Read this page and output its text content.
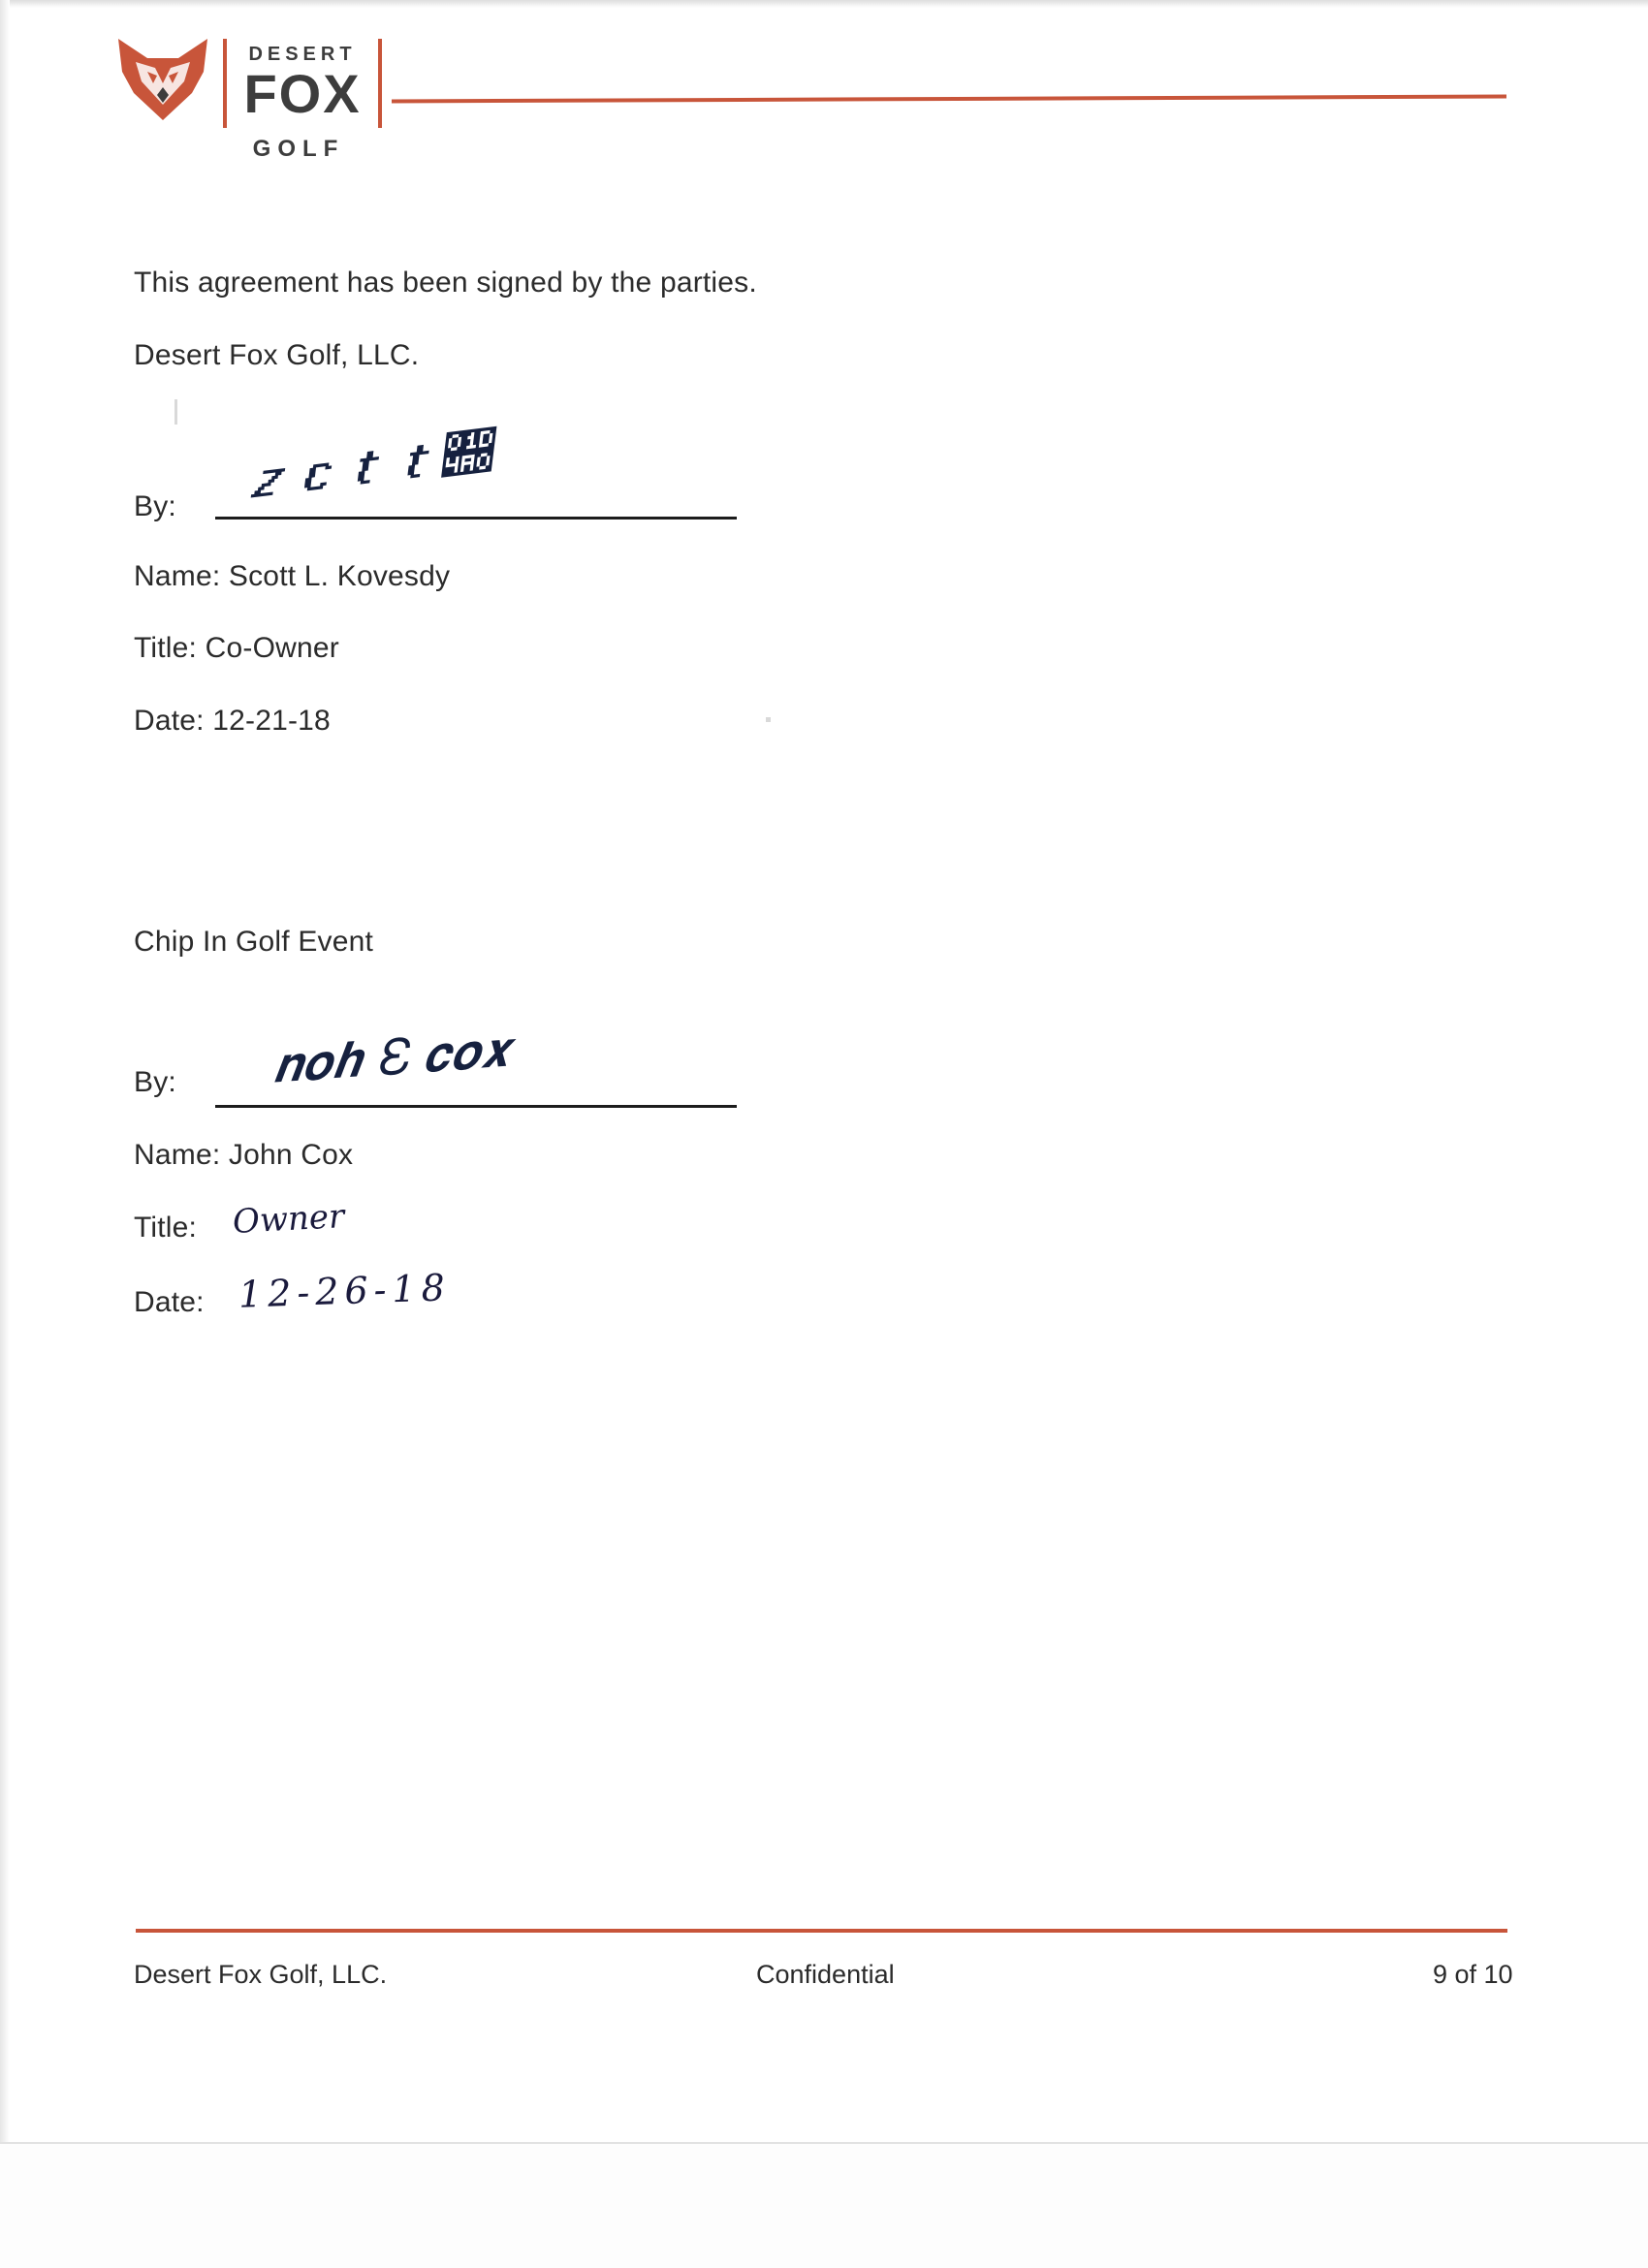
DESERT
FOX
GOLF
This agreement has been signed by the parties.
Desert Fox Golf, LLC.
By: 𝒛𝒄𝒕𝒕𝒠
Name: Scott L. Kovesdy
Title: Co-Owner
Date: 12-21-18
Chip In Golf Event
By: 𝒏𝒐𝒉 ℇ 𝒄𝒐𝒙
Name: John Cox
Title: Owner
Date: 12-26-18
Desert Fox Golf, LLC.	Confidential	9 of 10
